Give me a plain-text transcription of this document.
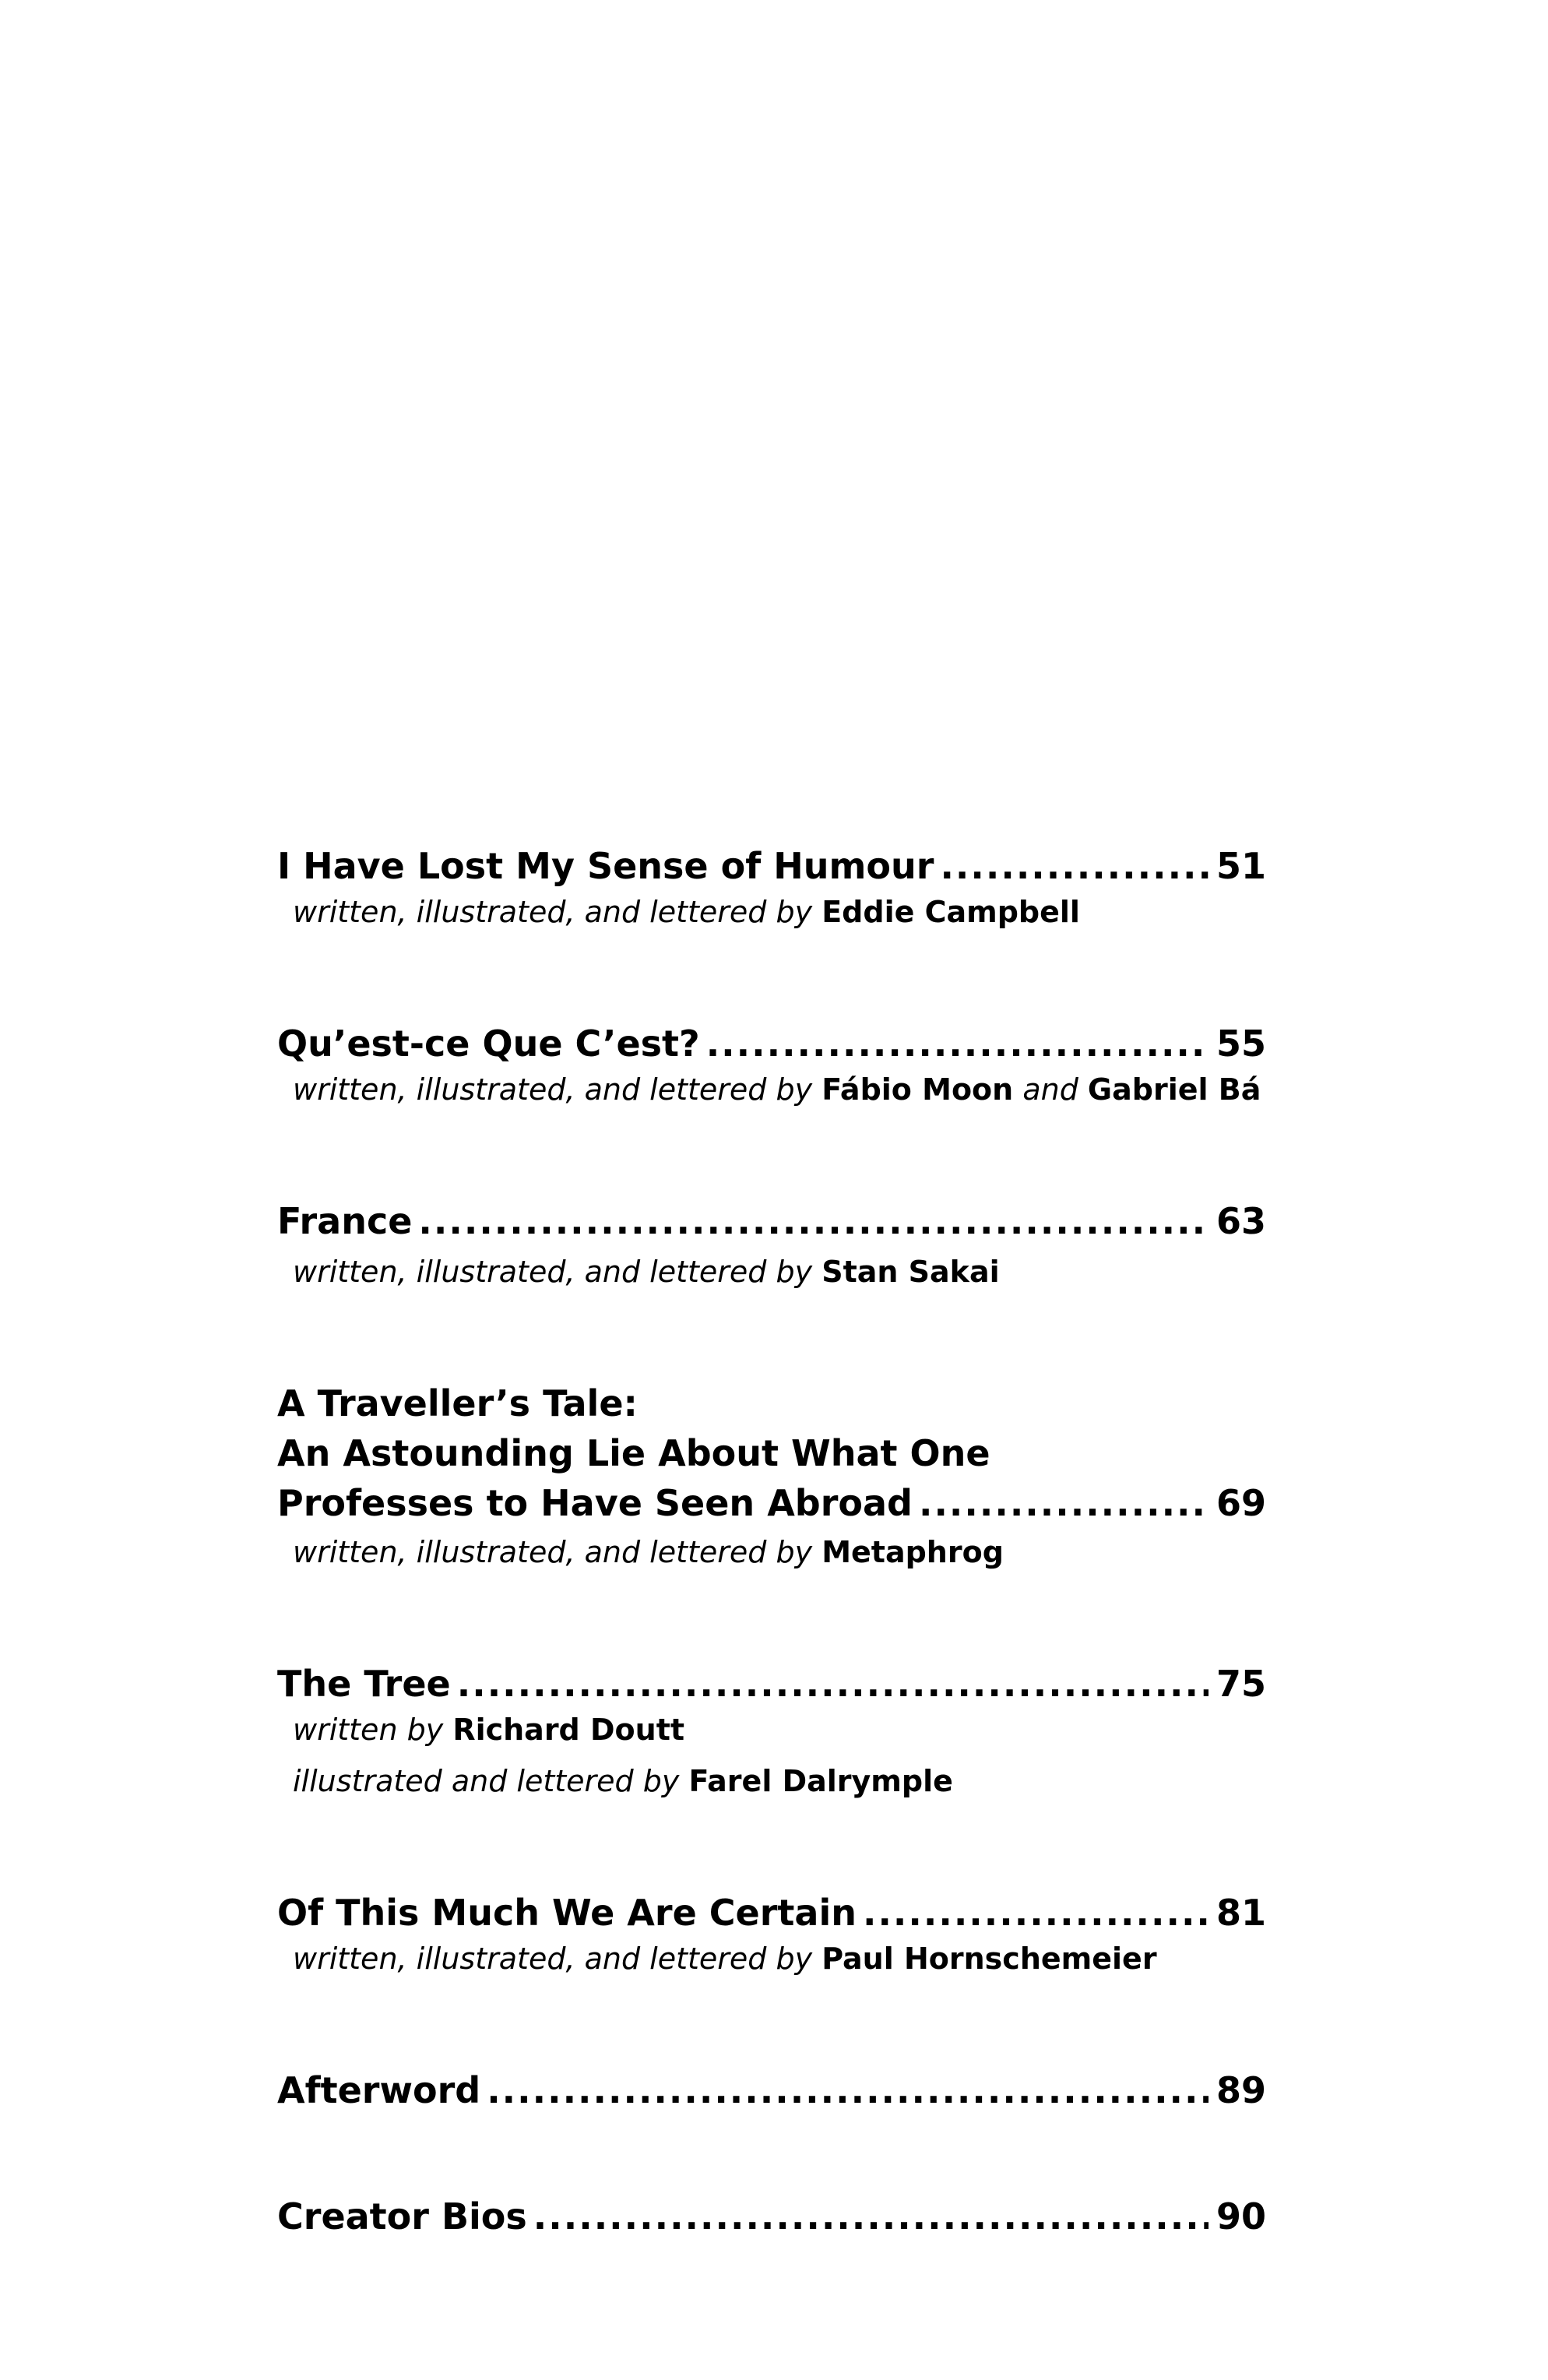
I Have Lost My Sense of Humour .....	51
written, illustrated, and lettered by Eddie Campbell
Qu’est-ce Que C’est? .....	55
written, illustrated, and lettered by Fábio Moon and Gabriel Bá
France .....	63
written, illustrated, and lettered by Stan Sakai
A Traveller’s Tale:
An Astounding Lie About What One
Professes to Have Seen Abroad .....	69
written, illustrated, and lettered by Metaphrog
The Tree .....	75
written by Richard Doutt
illustrated and lettered by Farel Dalrymple
Of This Much We Are Certain .....	81
written, illustrated, and lettered by Paul Hornschemeier
Afterword .....	89
Creator Bios .....	90
